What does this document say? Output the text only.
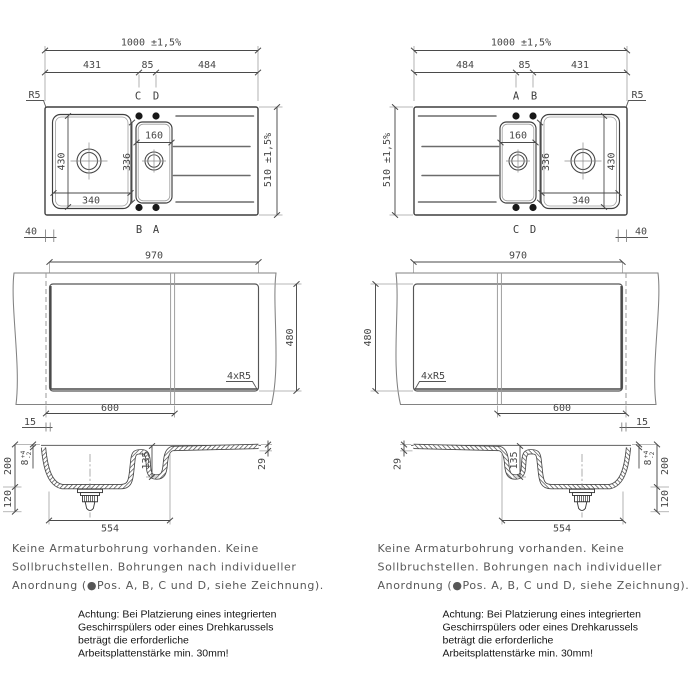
1000 ±1,5%
431	85	484
C D
R5
430
340
336
160	510 ±1,5%
B A
40
970
480
600
15
4xR5
200
120
$8^{+4}-2$	135	29
554
1000 ±1,5%
484	85	431
A B	R5
430
340
336
160
510 ±1,5%
C D	40
970
480
600
15
4xR5
200
120
$8^{+4}-2$
135
29
554
Keine Armaturbohrung vorhanden. Keine
Sollbruchstellen. Bohrungen nach individueller
Anordnung (●Pos. A, B, C und D, siehe Zeichnung).
Keine Armaturbohrung vorhanden. Keine
Sollbruchstellen. Bohrungen nach individueller
Anordnung (●Pos. A, B, C und D, siehe Zeichnung).
Achtung: Bei Platzierung eines integrierten
Geschirrspülers oder eines Drehkarussels
beträgt die erforderliche
Arbeitsplattenstärke min. 30mm!
Achtung: Bei Platzierung eines integrierten
Geschirrspülers oder eines Drehkarussels
beträgt die erforderliche
Arbeitsplattenstärke min. 30mm!
